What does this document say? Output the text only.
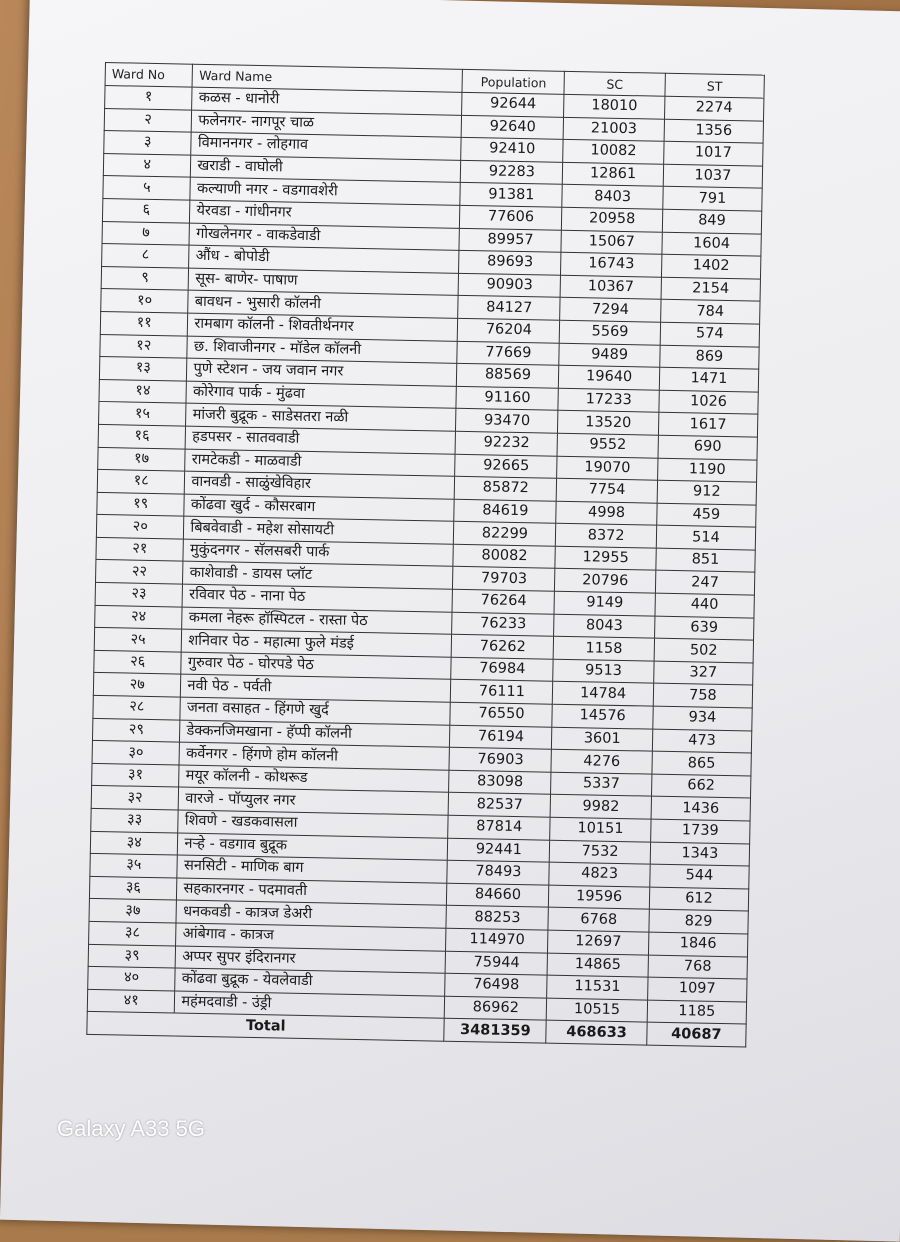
Ward No	Ward Name	Population	SC	ST
१	कळस - धानोरी	92644	18010	2274
२	फलेनगर- नागपूर चाळ	92640	21003	1356
३	विमाननगर - लोहगाव	92410	10082	1017
४	खराडी - वाघोली	92283	12861	1037
५	कल्याणी नगर - वडगावशेरी	91381	8403	791
६	येरवडा - गांधीनगर	77606	20958	849
७	गोखलेनगर - वाकडेवाडी	89957	15067	1604
८	औंध - बोपोडी	89693	16743	1402
९	सूस- बाणेर- पाषाण	90903	10367	2154
१०	बावधन - भुसारी कॉलनी	84127	7294	784
११	रामबाग कॉलनी - शिवतीर्थनगर	76204	5569	574
१२	छ. शिवाजीनगर - मॉडेल कॉलनी	77669	9489	869
१३	पुणे स्टेशन - जय जवान नगर	88569	19640	1471
१४	कोरेगाव पार्क - मुंढवा	91160	17233	1026
१५	मांजरी बुद्रूक - साडेसतरा नळी	93470	13520	1617
१६	हडपसर - सातववाडी	92232	9552	690
१७	रामटेकडी - माळवाडी	92665	19070	1190
१८	वानवडी - साळुंखेविहार	85872	7754	912
१९	कोंढवा खुर्द - कौसरबाग	84619	4998	459
२०	बिबवेवाडी - महेश सोसायटी	82299	8372	514
२१	मुकुंदनगर - सॅलसबरी पार्क	80082	12955	851
२२	काशेवाडी - डायस प्लॉट	79703	20796	247
२३	रविवार पेठ - नाना पेठ	76264	9149	440
२४	कमला नेहरू हॉस्पिटल - रास्ता पेठ	76233	8043	639
२५	शनिवार पेठ - महात्मा फुले मंडई	76262	1158	502
२६	गुरुवार पेठ - घोरपडे पेठ	76984	9513	327
२७	नवी पेठ - पर्वती	76111	14784	758
२८	जनता वसाहत - हिंगणे खुर्द	76550	14576	934
२९	डेक्कनजिमखाना - हॅप्पी कॉलनी	76194	3601	473
३०	कर्वेनगर - हिंगणे होम कॉलनी	76903	4276	865
३१	मयूर कॉलनी - कोथरूड	83098	5337	662
३२	वारजे - पॉप्युलर नगर	82537	9982	1436
३३	शिवणे - खडकवासला	87814	10151	1739
३४	नऱ्हे - वडगाव बुद्रूक	92441	7532	1343
३५	सनसिटी - माणिक बाग	78493	4823	544
३६	सहकारनगर - पदमावती	84660	19596	612
३७	धनकवडी - कात्रज डेअरी	88253	6768	829
३८	आंबेगाव - कात्रज	114970	12697	1846
३९	अप्पर सुपर इंदिरानगर	75944	14865	768
४०	कोंढवा बुद्रूक - येवलेवाडी	76498	11531	1097
४१	महंमदवाडी - उंड्री	86962	10515	1185
Total		3481359	468633	40687
Galaxy A33 5G
